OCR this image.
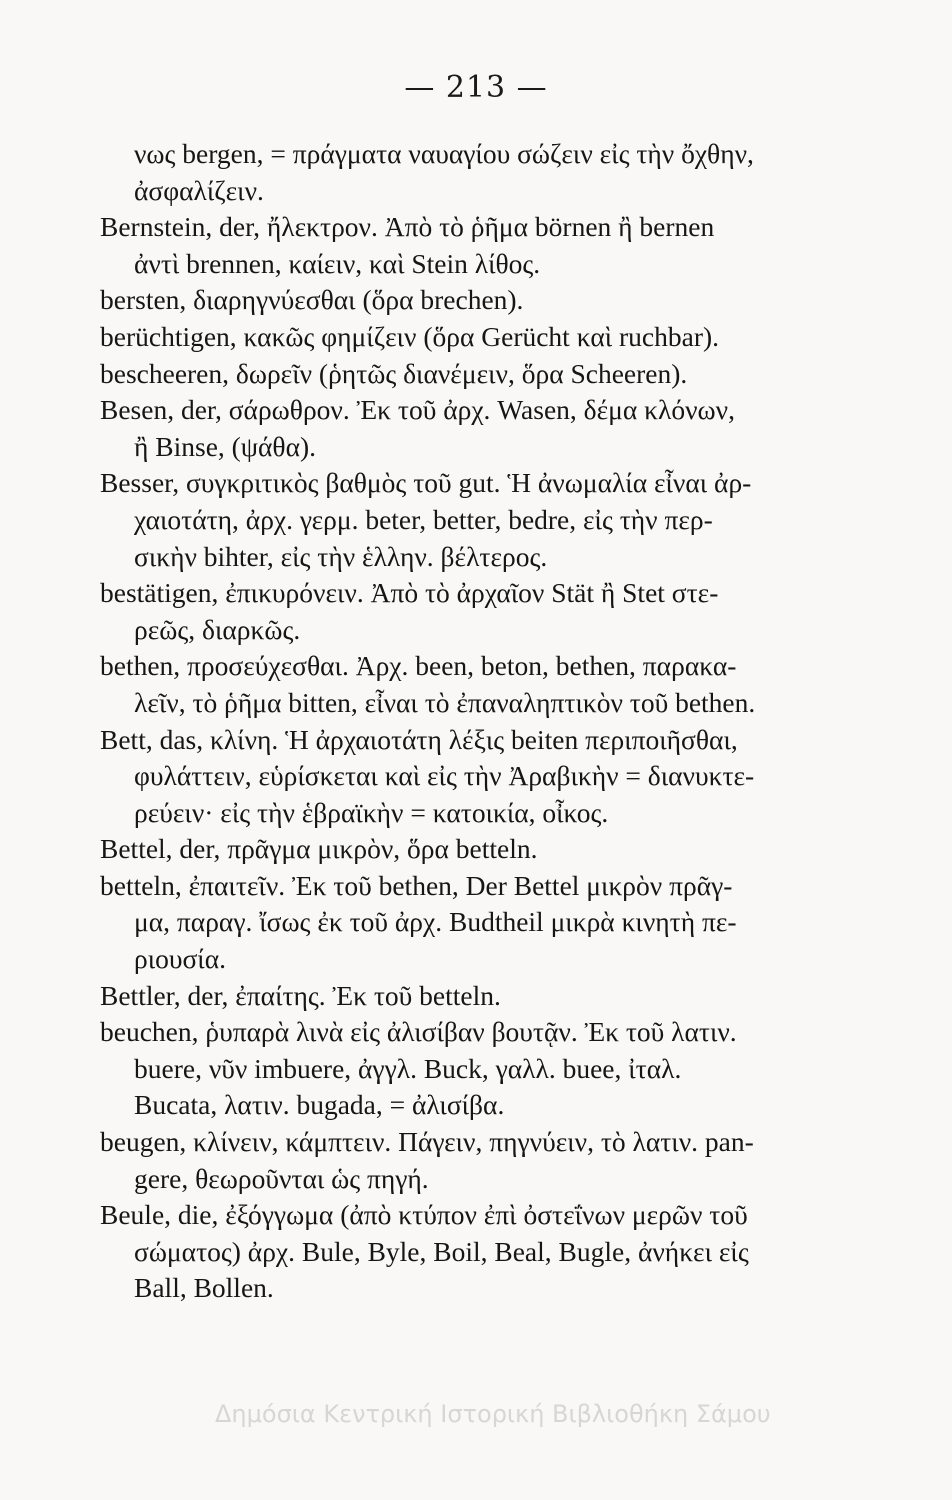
— 213 —
νως bergen, = πράγματα ναυαγίου σώζειν εἰς τὴν ὄχθην,
ἀσφαλίζειν.
Bernstein, der, ἤλεκτρον. Ἀπὸ τὸ ῥῆμα börnen ἢ bernen
ἀντὶ brennen, καίειν, καὶ Stein λίθος.
bersten, διαρηγνύεσθαι (ὅρα brechen).
berüchtigen, κακῶς φημίζειν (ὅρα Gerücht καὶ ruchbar).
bescheeren, δωρεῖν (ῥητῶς διανέμειν, ὅρα Scheeren).
Besen, der, σάρωθρον. Ἐκ τοῦ ἀρχ. Wasen, δέμα κλόνων,
ἢ Binse, (ψάθα).
Besser, συγκριτικὸς βαθμὸς τοῦ gut. Ἡ ἀνωμαλία εἶναι ἀρ-
χαιοτάτη, ἀρχ. γερμ. beter, better, bedre, εἰς τὴν περ-
σικὴν bihter, εἰς τὴν ἑλλην. βέλτερος.
bestätigen, ἐπικυρόνειν. Ἀπὸ τὸ ἀρχαῖον Stät ἢ Stet στε-
ρεῶς, διαρκῶς.
bethen, προσεύχεσθαι. Ἀρχ. been, beton, bethen, παρακα-
λεῖν, τὸ ῥῆμα bitten, εἶναι τὸ ἐπαναληπτικὸν τοῦ bethen.
Bett, das, κλίνη. Ἡ ἀρχαιοτάτη λέξις beiten περιποιῆσθαι,
φυλάττειν, εὑρίσκεται καὶ εἰς τὴν Ἀραβικὴν = διανυκτε-
ρεύειν· εἰς τὴν ἑβραϊκὴν = κατοικία, οἶκος.
Bettel, der, πρᾶγμα μικρὸν, ὅρα betteln.
betteln, ἐπαιτεῖν. Ἐκ τοῦ bethen, Der Bettel μικρὸν πρᾶγ-
μα, παραγ. ἴσως ἐκ τοῦ ἀρχ. Budtheil μικρὰ κινητὴ πε-
ριουσία.
Bettler, der, ἐπαίτης. Ἐκ τοῦ betteln.
beuchen, ῥυπαρὰ λινὰ εἰς ἀλισίβαν βουτᾷν. Ἐκ τοῦ λατιν.
buere, νῦν imbuere, ἀγγλ. Buck, γαλλ. buee, ἰταλ.
Bucata, λατιν. bugada, = ἀλισίβα.
beugen, κλίνειν, κάμπτειν. Πάγειν, πηγνύειν, τὸ λατιν. pan-
gere, θεωροῦνται ὡς πηγή.
Beule, die, ἐξόγγωμα (ἀπὸ κτύπον ἐπὶ ὀστεΐνων μερῶν τοῦ
σώματος) ἀρχ. Bule, Byle, Boil, Beal, Bugle, ἀνήκει εἰς
Ball, Bollen.
Δημόσια Κεντρική Ιστορική Βιβλιοθήκη Σάμου
